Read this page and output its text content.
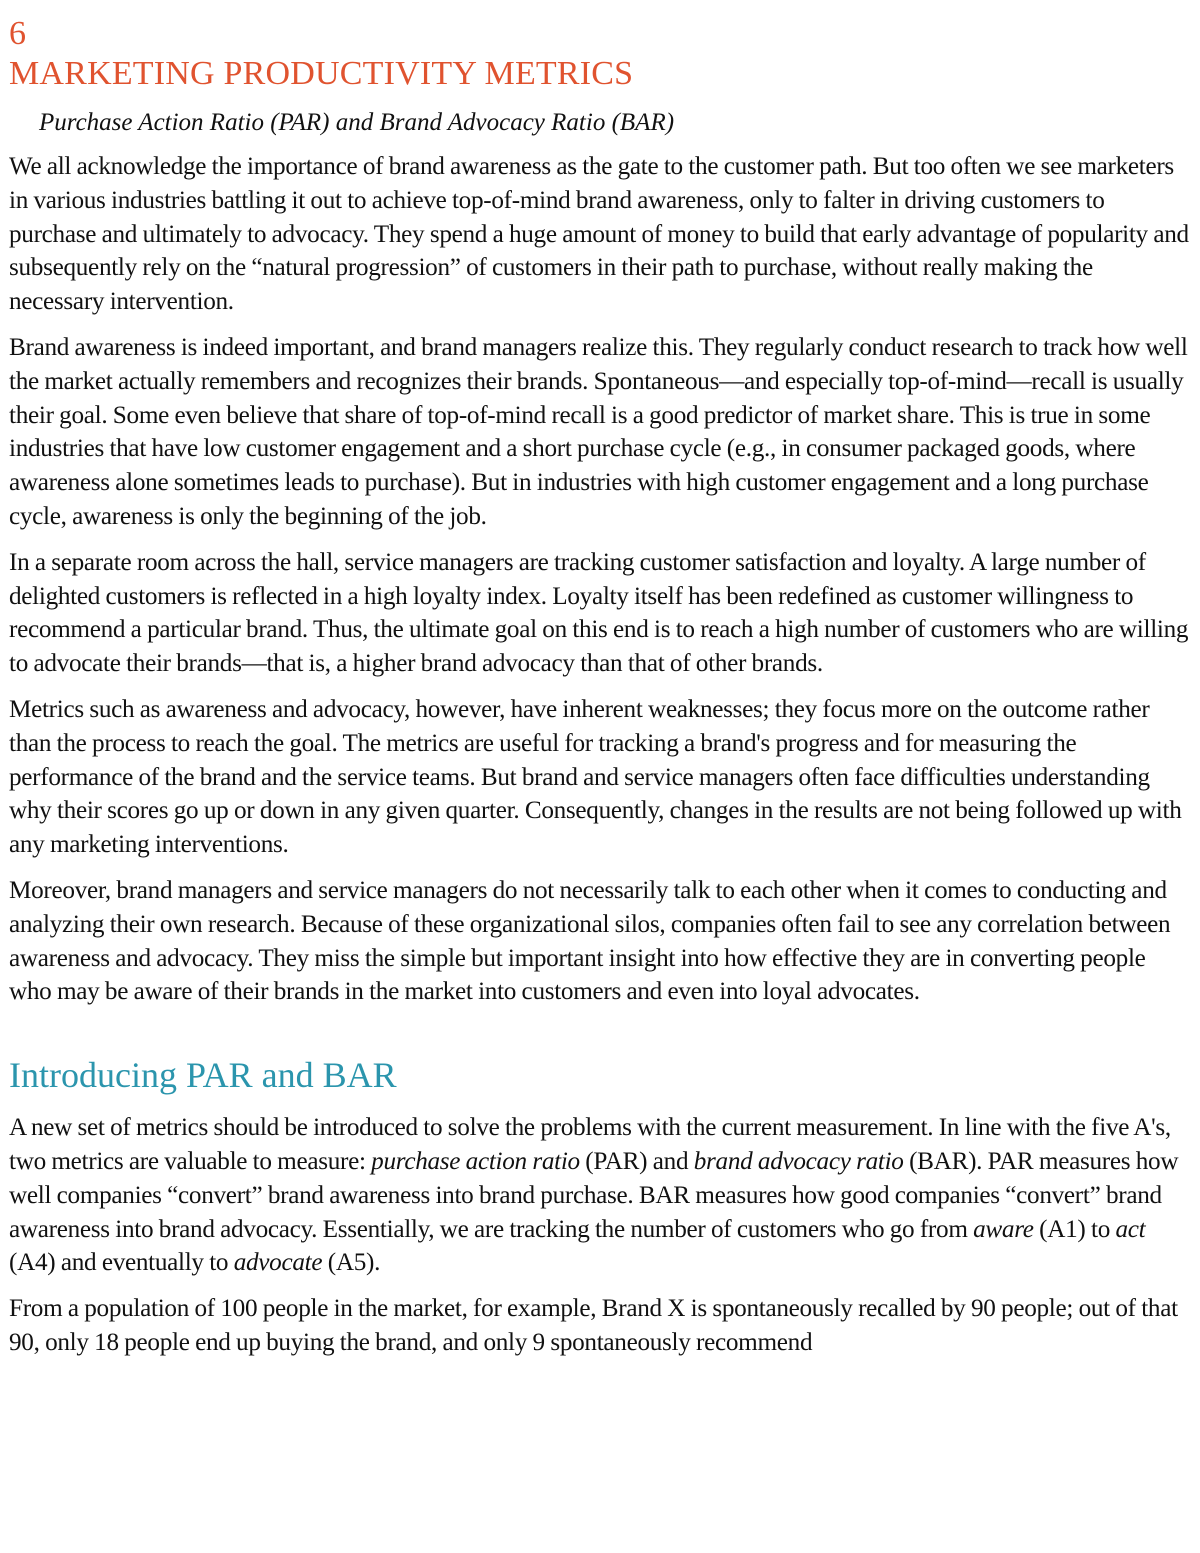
6
MARKETING PRODUCTIVITY METRICS
Purchase Action Ratio (PAR) and Brand Advocacy Ratio (BAR)

We all acknowledge the importance of brand awareness as the gate to the customer path. But too often we see marketers in various industries battling it out to achieve top-of-mind brand awareness, only to falter in driving customers to purchase and ultimately to advocacy. They spend a huge amount of money to build that early advantage of popularity and subsequently rely on the “natural progression” of customers in their path to purchase, without really making the necessary intervention.

Brand awareness is indeed important, and brand managers realize this. They regularly conduct research to track how well the market actually remembers and recognizes their brands. Spontaneous—and especially top-of-mind—recall is usually their goal. Some even believe that share of top-of-mind recall is a good predictor of market share. This is true in some industries that have low customer engagement and a short purchase cycle (e.g., in consumer packaged goods, where awareness alone sometimes leads to purchase). But in industries with high customer engagement and a long purchase cycle, awareness is only the beginning of the job.

In a separate room across the hall, service managers are tracking customer satisfaction and loyalty. A large number of delighted customers is reflected in a high loyalty index. Loyalty itself has been redefined as customer willingness to recommend a particular brand. Thus, the ultimate goal on this end is to reach a high number of customers who are willing to advocate their brands—that is, a higher brand advocacy than that of other brands.

Metrics such as awareness and advocacy, however, have inherent weaknesses; they focus more on the outcome rather than the process to reach the goal. The metrics are useful for tracking a brand's progress and for measuring the performance of the brand and the service teams. But brand and service managers often face difficulties understanding why their scores go up or down in any given quarter. Consequently, changes in the results are not being followed up with any marketing interventions.

Moreover, brand managers and service managers do not necessarily talk to each other when it comes to conducting and analyzing their own research. Because of these organizational silos, companies often fail to see any correlation between awareness and advocacy. They miss the simple but important insight into how effective they are in converting people who may be aware of their brands in the market into customers and even into loyal advocates.

Introducing PAR and BAR

A new set of metrics should be introduced to solve the problems with the current measurement. In line with the five A's, two metrics are valuable to measure: purchase action ratio (PAR) and brand advocacy ratio (BAR). PAR measures how well companies “convert” brand awareness into brand purchase. BAR measures how good companies “convert” brand awareness into brand advocacy. Essentially, we are tracking the number of customers who go from aware (A1) to act (A4) and eventually to advocate (A5).

From a population of 100 people in the market, for example, Brand X is spontaneously recalled by 90 people; out of that 90, only 18 people end up buying the brand, and only 9 spontaneously recommend
